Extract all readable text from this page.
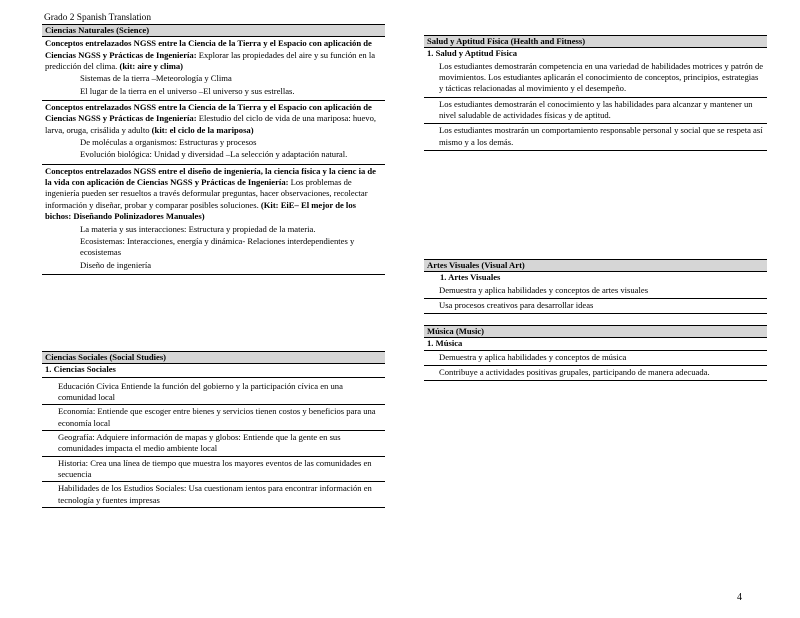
Grado 2 Spanish Translation
Ciencias Naturales (Science)
Conceptos entrelazados NGSS entre la Ciencia de la Tierra y el Espacio con aplicación de Ciencias NGSS y Prácticas de Ingeniería: Explorar las propiedades del aire y su función en la predicción del clima. (kit: aire y clima)
Sistemas de la tierra –Meteorología y Clima
El lugar de la tierra en el universo –El universo y sus estrellas.
Conceptos entrelazados NGSS entre la Ciencia de la Tierra y el Espacio con aplicación de Ciencias NGSS y Prácticas de Ingeniería: Elestudio del ciclo de vida de una mariposa: huevo, larva, oruga, crisálida y adulto (kit: el ciclo de la mariposa)
De moléculas a organismos: Estructuras y procesos
Evolución biológica: Unidad y diversidad –La selección y adaptación natural.
Conceptos entrelazados NGSS entre el diseño de ingeniería, la ciencia física y la cienc ia de la vida con aplicación de Ciencias NGSS y Prácticas de Ingeniería: Los problemas de ingeniería pueden ser resueltos a través deformular preguntas, hacer observaciones, recolectar información y diseñar, probar y comparar posibles soluciones. (Kit: EiE– El mejor de los bichos: Diseñando Polinizadores Manuales)
La materia y sus interacciones: Estructura y propiedad de la materia.
Ecosistemas: Interacciones, energía y dinámica- Relaciones interdependientes y ecosistemas
Diseño de ingeniería
Ciencias Sociales (Social Studies)
1. Ciencias Sociales
Educación Cívica Entiende la función del gobierno y la participación cívica en una comunidad local
Economía: Entiende que escoger entre bienes y servicios tienen costos y beneficios para una economía local
Geografía: Adquiere información de mapas y globos: Entiende que la gente en sus comunidades impacta el medio ambiente local
Historia: Crea una línea de tiempo que muestra los mayores eventos de las comunidades en secuencia
Habilidades de los Estudios Sociales: Usa cuestionam ientos para encontrar información en tecnología y fuentes impresas
Salud y Aptitud Física (Health and Fitness)
1. Salud y Aptitud Física
Los estudiantes demostrarán competencia en una variedad de habilidades motrices y patrón de movimientos. Los estudiantes aplicarán el conocimiento de conceptos, principios, estrategias y tácticas relacionadas al movimiento y el desempeño.
Los estudiantes demostrarán el conocimiento y las habilidades para alcanzar y mantener un nivel saludable de actividades físicas y de aptitud.
Los estudiantes mostrarán un comportamiento responsable personal y social que se respeta así mismo y a los demás.
Artes Visuales (Visual Art)
1. Artes Visuales
Demuestra y aplica habilidades y conceptos de artes visuales
Usa procesos creativos para desarrollar ideas
Música (Music)
1. Música
Demuestra y aplica habilidades y conceptos de música
Contribuye a actividades positivas grupales, participando de manera adecuada.
4
